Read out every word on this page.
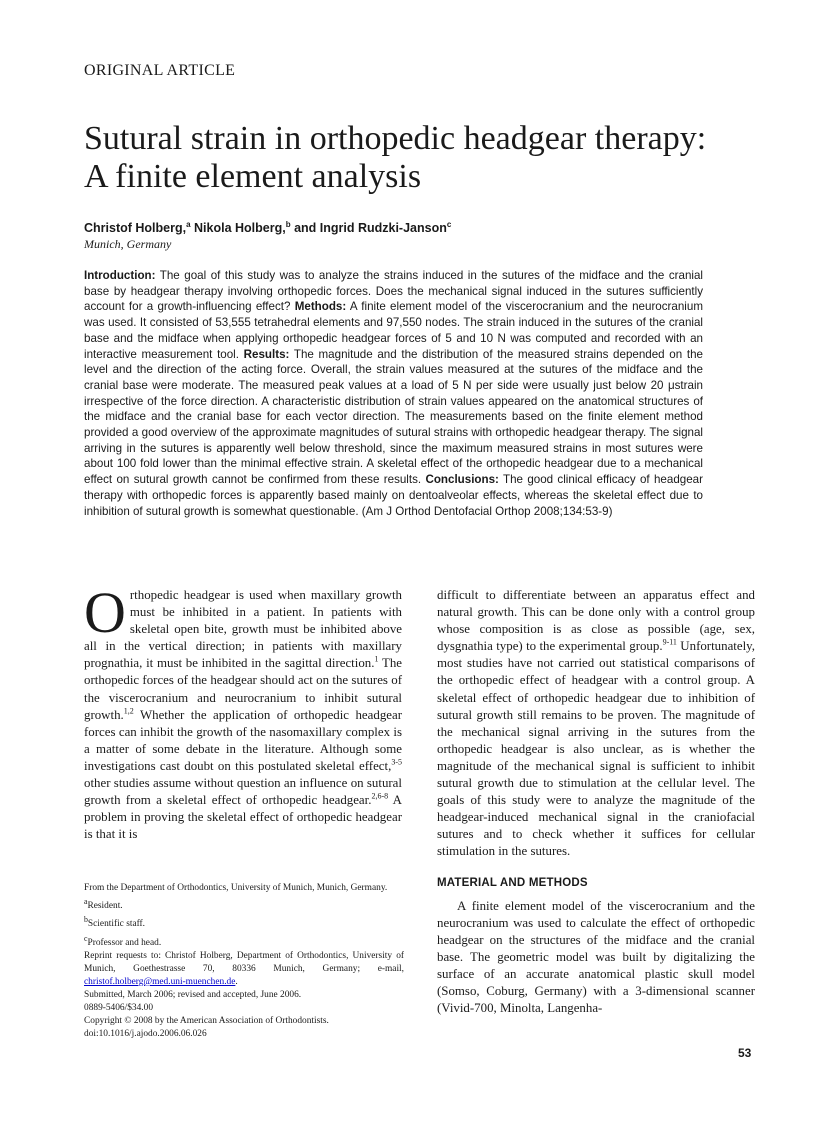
ORIGINAL ARTICLE
Sutural strain in orthopedic headgear therapy:
A finite element analysis
Christof Holberg,$^a$ Nikola Holberg,$^b$ and Ingrid Rudzki-Janson$^c$
Munich, Germany

Introduction: The goal of this study was to analyze the strains induced in the sutures of the midface and the cranial base by headgear therapy involving orthopedic forces. Does the mechanical signal induced in the sutures sufficiently account for a growth-influencing effect? Methods: A finite element model of the viscerocranium and the neurocranium was used. It consisted of 53,555 tetrahedral elements and 97,550 nodes. The strain induced in the sutures of the cranial base and the midface when applying orthopedic headgear forces of 5 and 10 N was computed and recorded with an interactive measurement tool. Results: The magnitude and the distribution of the measured strains depended on the level and the direction of the acting force. Overall, the strain values measured at the sutures of the midface and the cranial base were moderate. The measured peak values at a load of 5 N per side were usually just below 20 μstrain irrespective of the force direction. A characteristic distribution of strain values appeared on the anatomical structures of the midface and the cranial base for each vector direction. The measurements based on the finite element method provided a good overview of the approximate magnitudes of sutural strains with orthopedic headgear therapy. The signal arriving in the sutures is apparently well below threshold, since the maximum measured strains in most sutures were about 100 fold lower than the minimal effective strain. A skeletal effect of the orthopedic headgear due to a mechanical effect on sutural growth cannot be confirmed from these results. Conclusions: The good clinical efficacy of headgear therapy with orthopedic forces is apparently based mainly on dentoalveolar effects, whereas the skeletal effect due to inhibition of sutural growth is somewhat questionable. (Am J Orthod Dentofacial Orthop 2008;134:53-9)

Orthopedic headgear is used when maxillary growth must be inhibited in a patient. In patients with skeletal open bite, growth must be inhibited above all in the vertical direction; in patients with maxillary prognathia, it must be inhibited in the sagittal direction.$^1$ The orthopedic forces of the headgear should act on the sutures of the viscerocranium and neurocranium to inhibit sutural growth.$^{1,2}$ Whether the application of orthopedic headgear forces can inhibit the growth of the nasomaxillary complex is a matter of some debate in the literature. Although some investigations cast doubt on this postulated skeletal effect,$^{3-5}$ other studies assume without question an influence on sutural growth from a skeletal effect of orthopedic headgear.$^{2,6-8}$ A problem in proving the skeletal effect of orthopedic headgear is that it is

difficult to differentiate between an apparatus effect and natural growth. This can be done only with a control group whose composition is as close as possible (age, sex, dysgnathia type) to the experimental group.$^{9-11}$ Unfortunately, most studies have not carried out statistical comparisons of the orthopedic effect of headgear with a control group. A skeletal effect of orthopedic headgear due to inhibition of sutural growth still remains to be proven. The magnitude of the mechanical signal arriving in the sutures from the orthopedic headgear is also unclear, as is whether the magnitude of the mechanical signal is sufficient to inhibit sutural growth due to stimulation at the cellular level. The goals of this study were to analyze the magnitude of the headgear-induced mechanical signal in the craniofacial sutures and to check whether it suffices for cellular stimulation in the sutures.

MATERIAL AND METHODS

A finite element model of the viscerocranium and the neurocranium was used to calculate the effect of orthopedic headgear on the structures of the midface and the cranial base. The geometric model was built by digitalizing the surface of an accurate anatomical plastic skull model (Somso, Coburg, Germany) with a 3-dimensional scanner (Vivid-700, Minolta, Langenha-

From the Department of Orthodontics, University of Munich, Munich, Germany.
$^a$Resident.
$^b$Scientific staff.
$^c$Professor and head.
Reprint requests to: Christof Holberg, Department of Orthodontics, University of Munich, Goethestrasse 70, 80336 Munich, Germany; e-mail, christof.holberg@med.uni-muenchen.de.
Submitted, March 2006; revised and accepted, June 2006.
0889-5406/$34.00
Copyright © 2008 by the American Association of Orthodontists.
doi:10.1016/j.ajodo.2006.06.026
53
